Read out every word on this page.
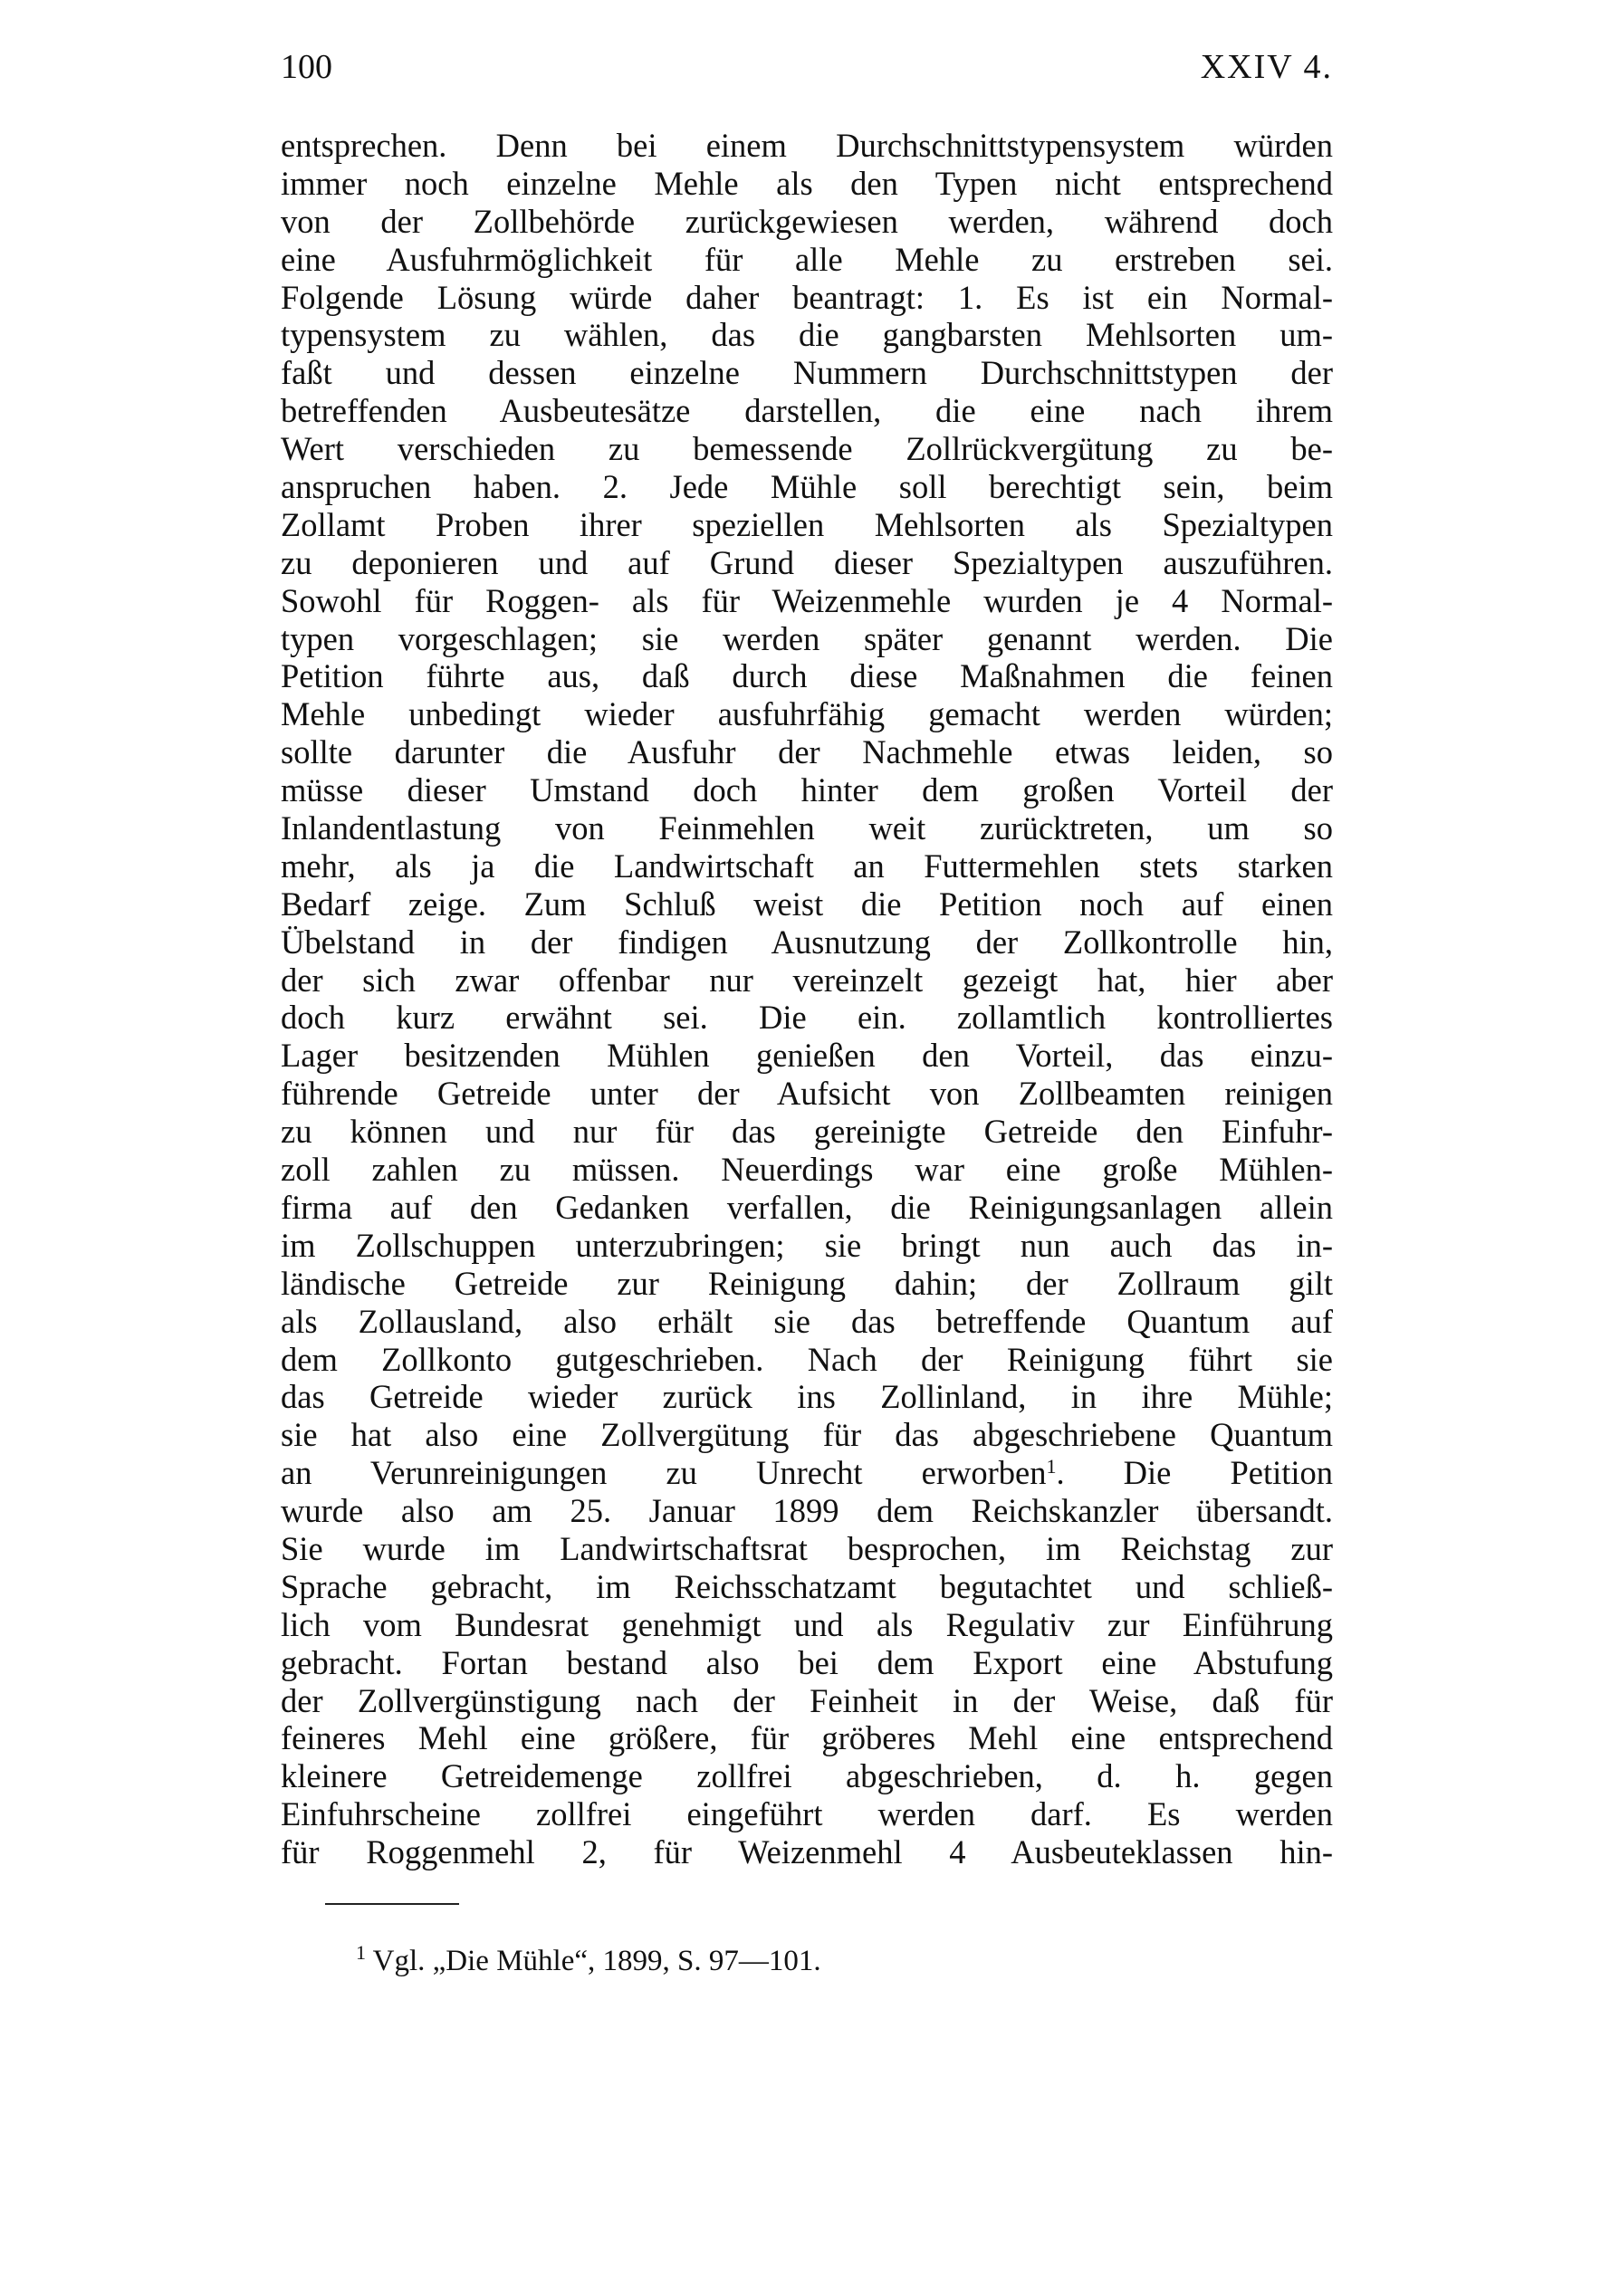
100	XXIV 4.
entsprechen. Denn bei einem Durchschnittstypensystem würden
immer noch einzelne Mehle als den Typen nicht entsprechend
von der Zollbehörde zurückgewiesen werden, während doch
eine Ausfuhrmöglichkeit für alle Mehle zu erstreben sei.
Folgende Lösung würde daher beantragt: 1. Es ist ein Normal-
typensystem zu wählen, das die gangbarsten Mehlsorten um-
faßt und dessen einzelne Nummern Durchschnittstypen der
betreffenden Ausbeutesätze darstellen, die eine nach ihrem
Wert verschieden zu bemessende Zollrückvergütung zu be-
anspruchen haben. 2. Jede Mühle soll berechtigt sein, beim
Zollamt Proben ihrer speziellen Mehlsorten als Spezialtypen
zu deponieren und auf Grund dieser Spezialtypen auszuführen.
Sowohl für Roggen- als für Weizenmehle wurden je 4 Normal-
typen vorgeschlagen; sie werden später genannt werden. Die
Petition führte aus, daß durch diese Maßnahmen die feinen
Mehle unbedingt wieder ausfuhrfähig gemacht werden würden;
sollte darunter die Ausfuhr der Nachmehle etwas leiden, so
müsse dieser Umstand doch hinter dem großen Vorteil der
Inlandentlastung von Feinmehlen weit zurücktreten, um so
mehr, als ja die Landwirtschaft an Futtermehlen stets starken
Bedarf zeige. Zum Schluß weist die Petition noch auf einen
Übelstand in der findigen Ausnutzung der Zollkontrolle hin,
der sich zwar offenbar nur vereinzelt gezeigt hat, hier aber
doch kurz erwähnt sei. Die ein. zollamtlich kontrolliertes
Lager besitzenden Mühlen genießen den Vorteil, das einzu-
führende Getreide unter der Aufsicht von Zollbeamten reinigen
zu können und nur für das gereinigte Getreide den Einfuhr-
zoll zahlen zu müssen. Neuerdings war eine große Mühlen-
firma auf den Gedanken verfallen, die Reinigungsanlagen allein
im Zollschuppen unterzubringen; sie bringt nun auch das in-
ländische Getreide zur Reinigung dahin; der Zollraum gilt
als Zollausland, also erhält sie das betreffende Quantum auf
dem Zollkonto gutgeschrieben. Nach der Reinigung führt sie
das Getreide wieder zurück ins Zollinland, in ihre Mühle;
sie hat also eine Zollvergütung für das abgeschriebene Quantum
an Verunreinigungen zu Unrecht erworben$^1$. Die Petition
wurde also am 25. Januar 1899 dem Reichskanzler übersandt.
Sie wurde im Landwirtschaftsrat besprochen, im Reichstag zur
Sprache gebracht, im Reichsschatzamt begutachtet und schließ-
lich vom Bundesrat genehmigt und als Regulativ zur Einführung
gebracht. Fortan bestand also bei dem Export eine Abstufung
der Zollvergünstigung nach der Feinheit in der Weise, daß für
feineres Mehl eine größere, für gröberes Mehl eine entsprechend
kleinere Getreidemenge zollfrei abgeschrieben, d. h. gegen
Einfuhrscheine zollfrei eingeführt werden darf. Es werden
für Roggenmehl 2, für Weizenmehl 4 Ausbeuteklassen hin-
$^1$ Vgl. „Die Mühle“, 1899, S. 97—101.
